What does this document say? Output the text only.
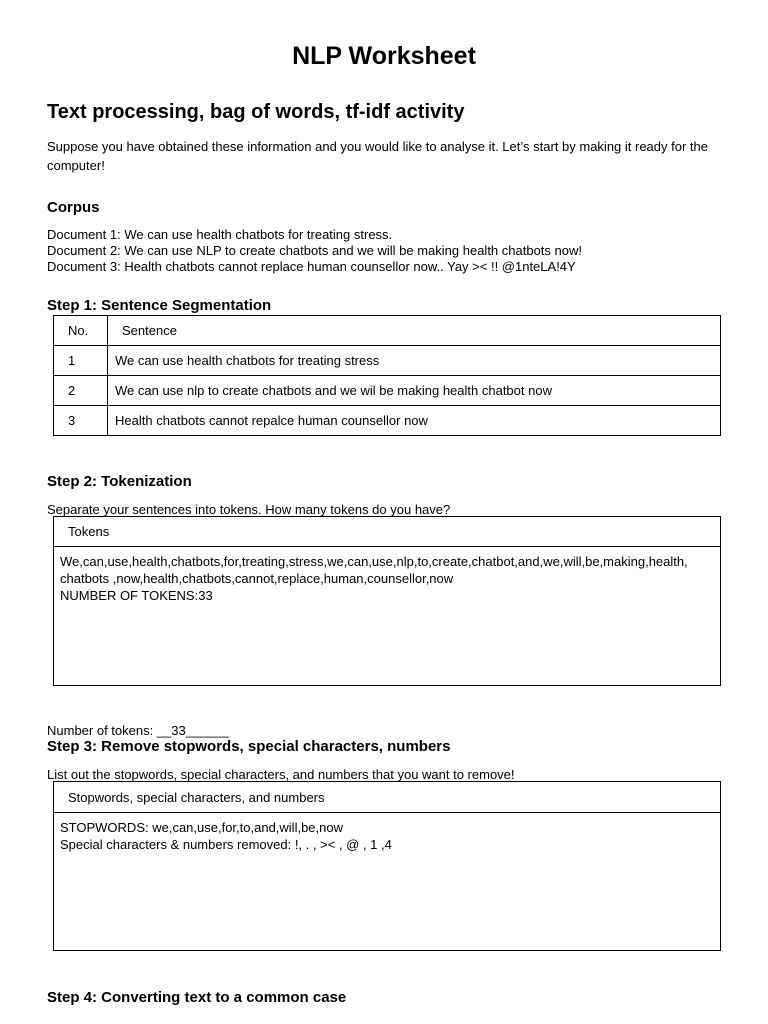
NLP Worksheet
Text processing, bag of words, tf-idf activity
Suppose you have obtained these information and you would like to analyse it. Let’s start by making it ready for the computer!
Corpus
Document 1: We can use health chatbots for treating stress.
Document 2: We can use NLP to create chatbots and we will be making health chatbots now!
Document 3: Health chatbots cannot replace human counsellor now.. Yay >< !! @1nteLA!4Y
Step 1: Sentence Segmentation
No.	Sentence
1	We can use health chatbots for treating stress
2	We can use nlp to create chatbots and we wil be making health chatbot now
3	Health chatbots cannot repalce human counsellor now
Step 2: Tokenization
Separate your sentences into tokens. How many tokens do you have?
Tokens
We,can,use,health,chatbots,for,treating,stress,we,can,use,nlp,to,create,chatbot,and,we,will,be,making,health,
chatbots ,now,health,chatbots,cannot,replace,human,counsellor,now
NUMBER OF TOKENS:33
Number of tokens: __33______
Step 3: Remove stopwords, special characters, numbers
List out the stopwords, special characters, and numbers that you want to remove!
Stopwords, special characters, and numbers
STOPWORDS: we,can,use,for,to,and,will,be,now
Special characters & numbers removed: !, . , >< , @ , 1 ,4
Step 4: Converting text to a common case
